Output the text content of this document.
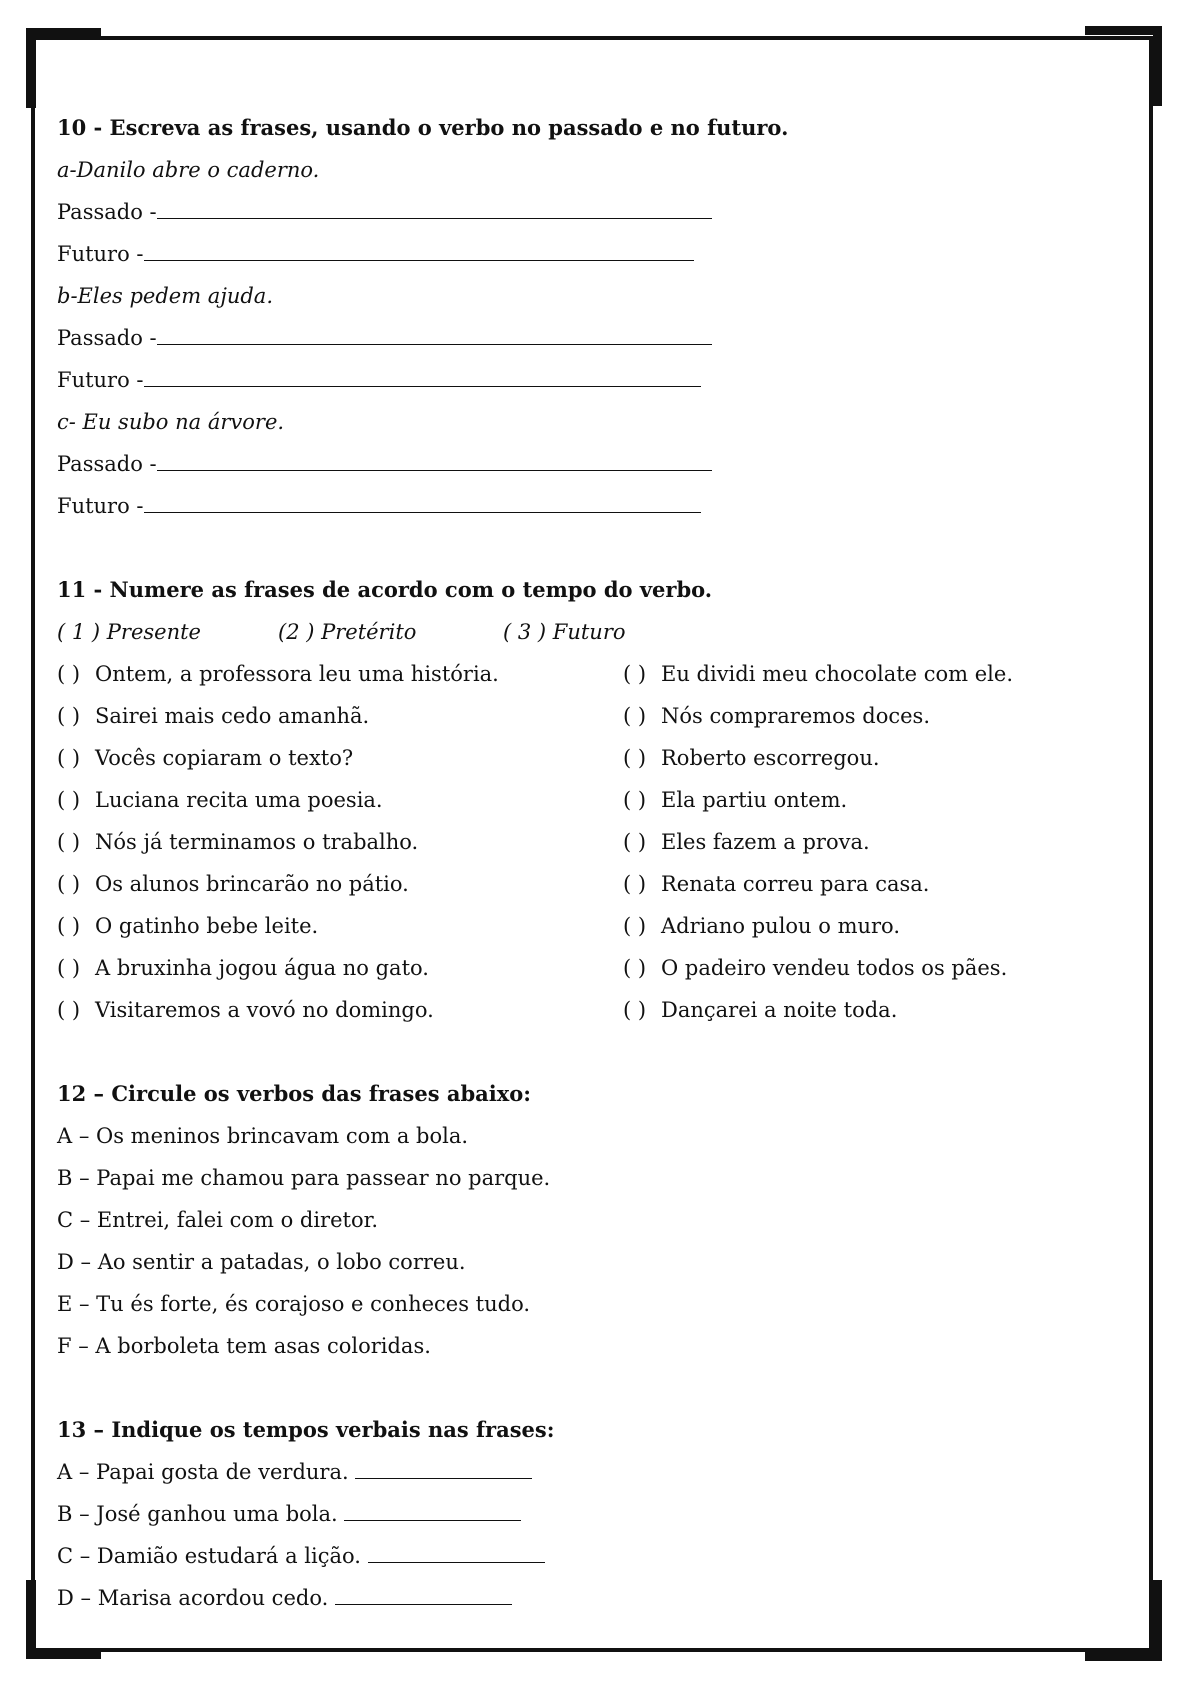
10 - Escreva as frases, usando o verbo no passado e no futuro.
a-Danilo abre o caderno.
Passado -
Futuro -
b-Eles pedem ajuda.
Passado -
Futuro -
c- Eu subo na árvore.
Passado -
Futuro -
11 - Numere as frases de acordo com o tempo do verbo.
( 1 ) Presente	(2 ) Pretérito	( 3 ) Futuro
( ) Ontem, a professora leu uma história.
( ) Sairei mais cedo amanhã.
( ) Vocês copiaram o texto?
( ) Luciana recita uma poesia.
( ) Nós já terminamos o trabalho.
( ) Os alunos brincarão no pátio.
( ) O gatinho bebe leite.
( ) A bruxinha jogou água no gato.
( ) Visitaremos a vovó no domingo.
( ) Eu dividi meu chocolate com ele.
( ) Nós compraremos doces.
( ) Roberto escorregou.
( ) Ela partiu ontem.
( ) Eles fazem a prova.
( ) Renata correu para casa.
( ) Adriano pulou o muro.
( ) O padeiro vendeu todos os pães.
( ) Dançarei a noite toda.
12 – Circule os verbos das frases abaixo:
A – Os meninos brincavam com a bola.
B – Papai me chamou para passear no parque.
C – Entrei, falei com o diretor.
D – Ao sentir a patadas, o lobo correu.
E – Tu és forte, és corajoso e conheces tudo.
F – A borboleta tem asas coloridas.
13 – Indique os tempos verbais nas frases:
A – Papai gosta de verdura.
B – José ganhou uma bola.
C – Damião estudará a lição.
D – Marisa acordou cedo.
